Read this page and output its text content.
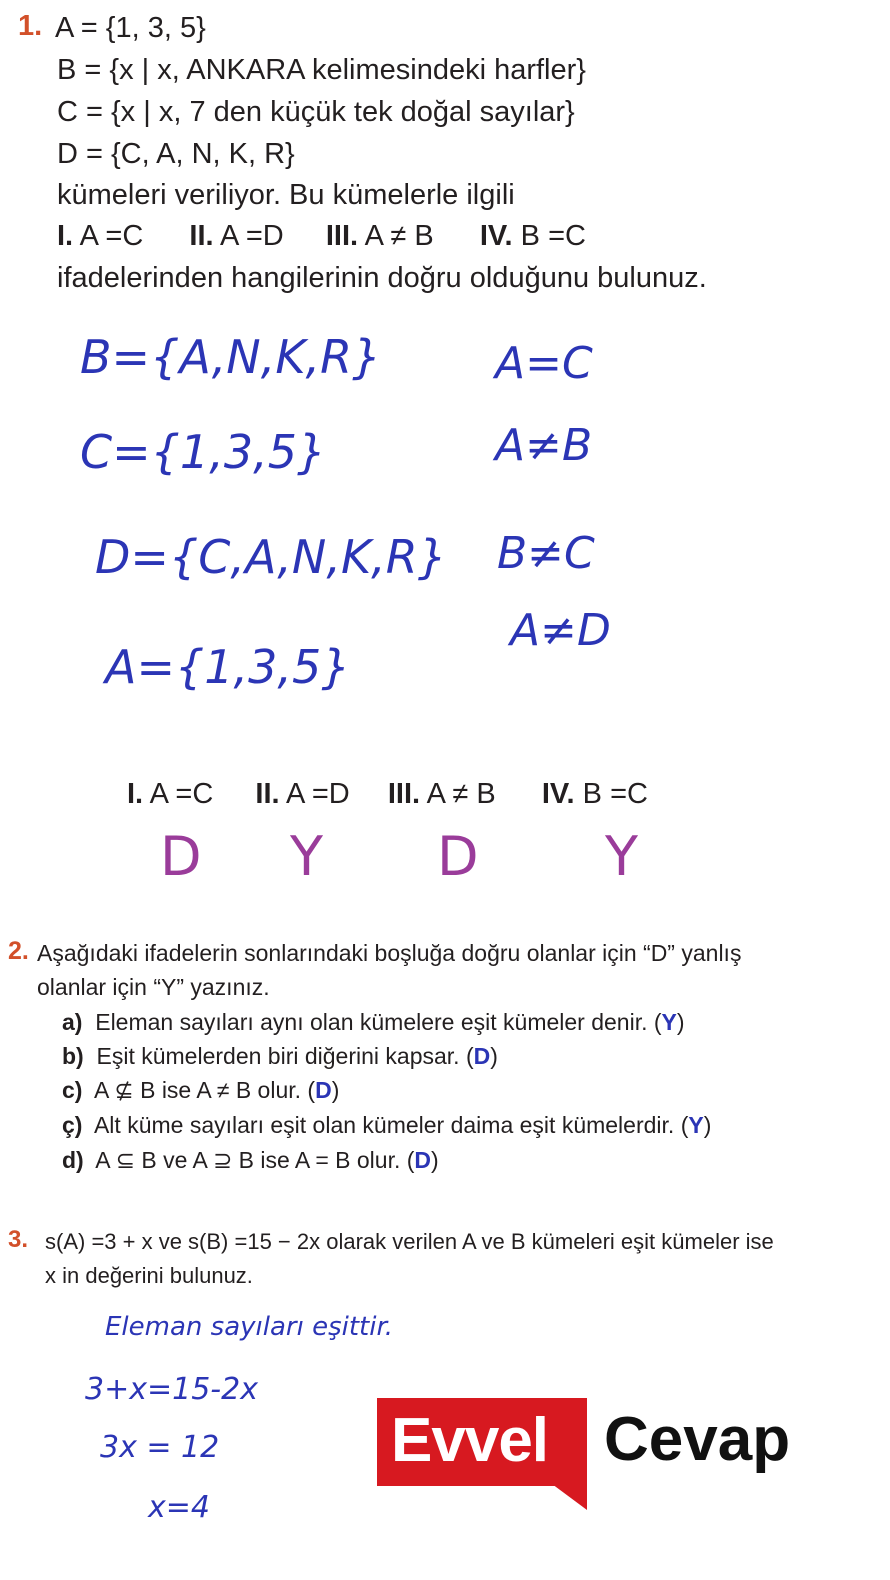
1. A = {1, 3, 5}
B = {x | x, ANKARA kelimesindeki harfler}
C = {x | x, 7 den küçük tek doğal sayılar}
D = {C, A, N, K, R}
kümeleri veriliyor. Bu kümelerle ilgili
I. A =C II. A =D III. A ≠ B IV. B =C
ifadelerinden hangilerinin doğru olduğunu bulunuz.
B={A,N,K,R}
C={1,3,5}
D={C,A,N,K,R}
A={1,3,5}
A=C
A≠B
B≠C
A≠D
I. A =C II. A =D III. A ≠ B IV. B =C
D Y D Y
2. Aşağıdaki ifadelerin sonlarındaki boşluğa doğru olanlar için “D” yanlış
olanlar için “Y” yazınız.
a) Eleman sayıları aynı olan kümelere eşit kümeler denir. (Y)
b) Eşit kümelerden biri diğerini kapsar. (D)
c) A ⊈ B ise A ≠ B olur. (D)
ç) Alt küme sayıları eşit olan kümeler daima eşit kümelerdir. (Y)
d) A ⊆ B ve A ⊇ B ise A = B olur. (D)
3. s(A) =3 + x ve s(B) =15 − 2x olarak verilen A ve B kümeleri eşit kümeler ise
x in değerini bulunuz.
Eleman sayıları eşittir.
3+x=15-2x
3x = 12
x=4
Evvel Cevap
